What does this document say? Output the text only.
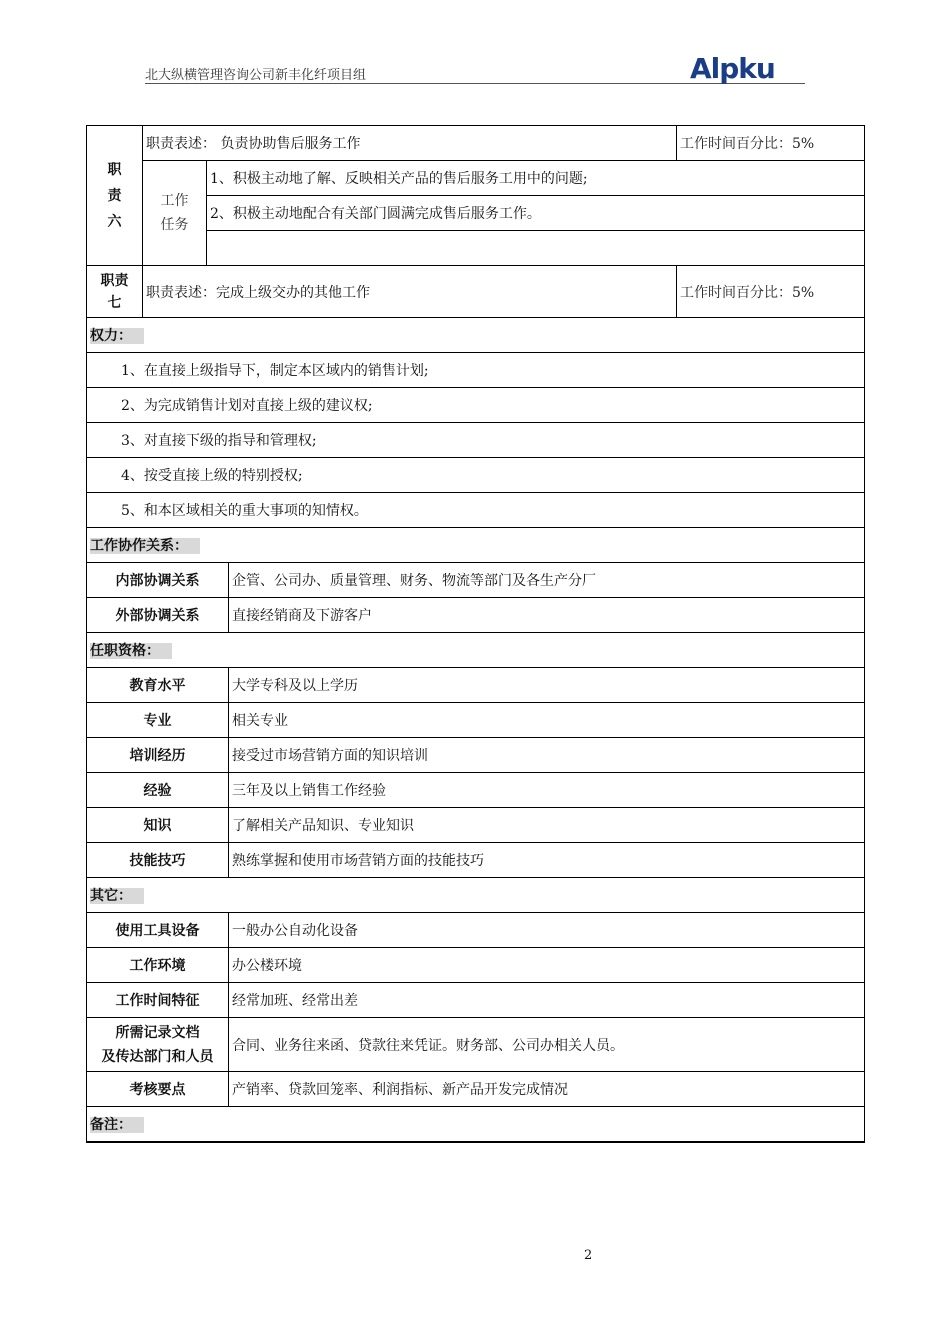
北大纵横管理咨询公司新丰化纤项目组	Alpku
职
责
六	职责表述： 负责协助售后服务工作			工作时间百分比：5%
	工作
任务	1、积极主动地了解、反映相关产品的售后服务工用中的问题;		
		2、积极主动地配合有关部门圆满完成售后服务工作。		

职责
七	职责表述：完成上级交办的其他工作			工作时间百分比：5%
权力：				
1、在直接上级指导下，制定本区域内的销售计划;				
2、为完成销售计划对直接上级的建议权;				
3、对直接下级的指导和管理权;				
4、按受直接上级的特别授权;				
5、和本区域相关的重大事项的知情权。				
工作协作关系：				
内部协调关系			企管、公司办、质量管理、财务、物流等部门及各生产分厂	
外部协调关系			直接经销商及下游客户	
任职资格：				
教育水平			大学专科及以上学历	
专业			相关专业	
培训经历			接受过市场营销方面的知识培训	
经验			三年及以上销售工作经验	
知识			了解相关产品知识、专业知识	
技能技巧			熟练掌握和使用市场营销方面的技能技巧	
其它：				
使用工具设备			一般办公自动化设备	
工作环境			办公楼环境	
工作时间特征			经常加班、经常出差	
所需记录文档
及传达部门和人员			合同、业务往来函、贷款往来凭证。财务部、公司办相关人员。	
考核要点			产销率、贷款回笼率、利润指标、新产品开发完成情况	
备注：				
2
